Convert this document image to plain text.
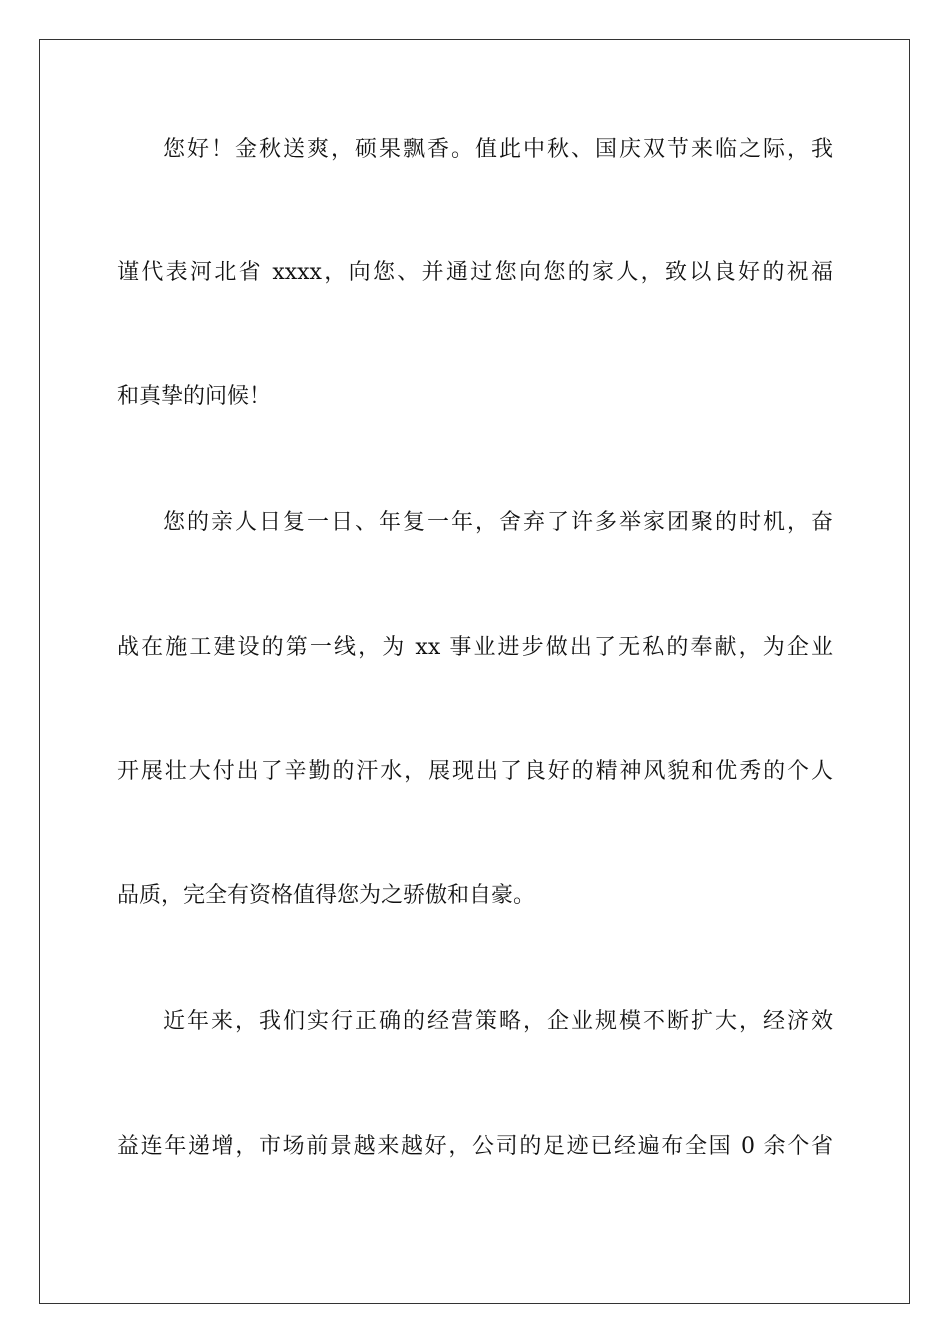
您好！金秋送爽，硕果飘香。值此中秋、国庆双节来临之际，我
谨代表河北省 xxxx，向您、并通过您向您的家人，致以良好的祝福
和真挚的问候！
您的亲人日复一日、年复一年，舍弃了许多举家团聚的时机，奋
战在施工建设的第一线，为 xx 事业进步做出了无私的奉献，为企业
开展壮大付出了辛勤的汗水，展现出了良好的精神风貌和优秀的个人
品质，完全有资格值得您为之骄傲和自豪。
近年来，我们实行正确的经营策略，企业规模不断扩大，经济效
益连年递增，市场前景越来越好，公司的足迹已经遍布全国 0 余个省
